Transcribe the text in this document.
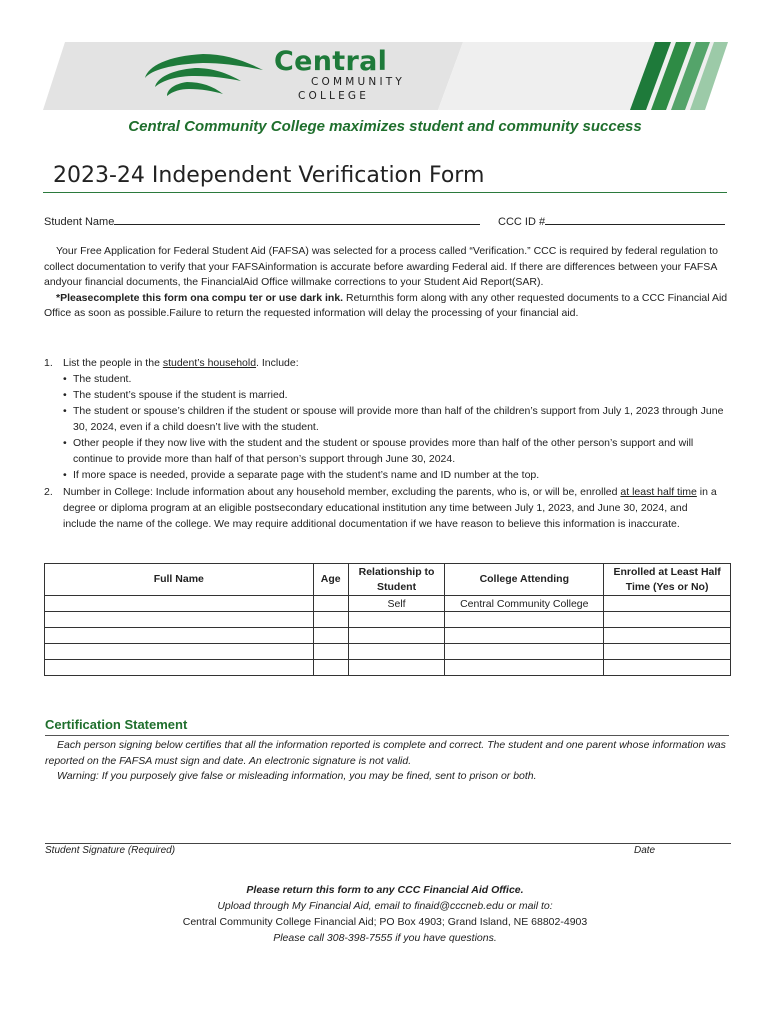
Central
COMMUNITY
COLLEGE
Central Community College maximizes student and community success
2023-24 Independent Verification Form
Student Name	CCC ID #

Your Free Application for Federal Student Aid (FAFSA) was selected for a process called “Verification.” CCC is required by federal regulation to collect documentation to verify that your FAFSAinformation is accurate before awarding Federal aid. If there are differences between your FAFSA andyour financial documents, the FinancialAid Office willmake corrections to your Student Aid Report(SAR).

*Pleasecomplete this form ona compu ter or use dark ink. Returnthis form along with any other requested documents to a CCC Financial Aid Office as soon as possible.Failure to return the requested information will delay the processing of your financial aid.

1. List the people in the student’s household. Include:
• The student.
• The student’s spouse if the student is married.
• The student or spouse’s children if the student or spouse will provide more than half of the children’s support from July 1, 2023 through June 30, 2024, even if a child doesn’t live with the student.
• Other people if they now live with the student and the student or spouse provides more than half of the other person’s support and will continue to provide more than half of that person’s support through June 30, 2024.
• If more space is needed, provide a separate page with the student’s name and ID number at the top.
2. Number in College: Include information about any household member, excluding the parents, who is, or will be, enrolled at least half time in a degree or diploma program at an eligible postsecondary educational institution any time between July 1, 2023, and June 30, 2024, and include the name of the college. We may require additional documentation if we have reason to believe this information is inaccurate.
Full Name	Age	Relationship to Student	College Attending	Enrolled at Least Half Time (Yes or No)
		Self	Central Community College	

Certification Statement

Each person signing below certifies that all the information reported is complete and correct. The student and one parent whose information was reported on the FAFSA must sign and date. An electronic signature is not valid.

Warning: If you purposely give false or misleading information, you may be fined, sent to prison or both.

Student Signature (Required)	Date

Please return this form to any CCC Financial Aid Office.

Upload through My Financial Aid, email to finaid@cccneb.edu or mail to:

Central Community College Financial Aid; PO Box 4903; Grand Island, NE 68802-4903

Please call 308-398-7555 if you have questions.
